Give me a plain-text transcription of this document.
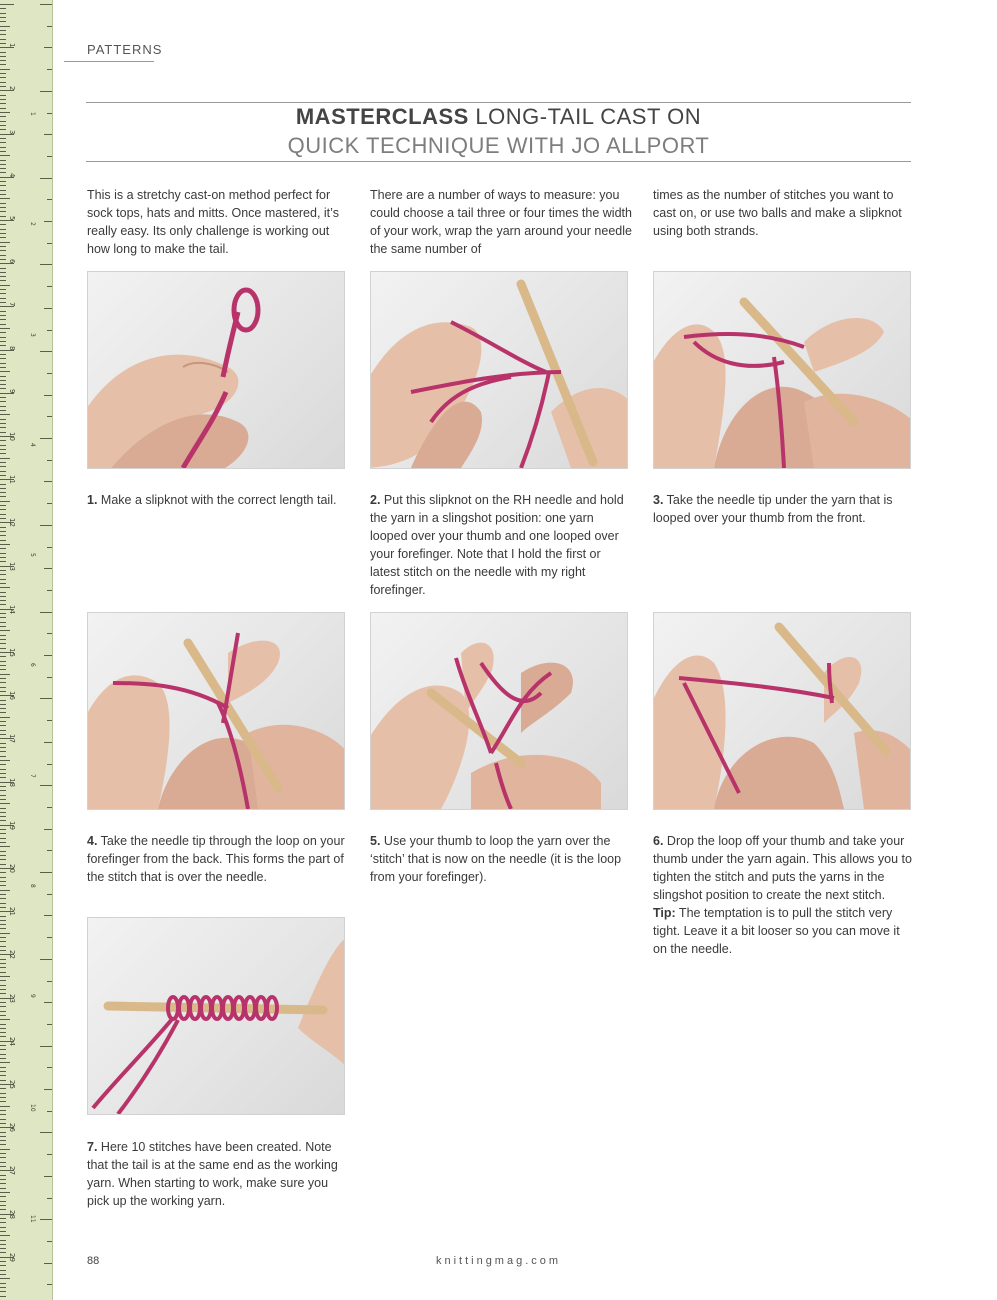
1
2
3
4
5
6
7
8
9
10
11
12
13
14
15
16
17
18
19
20
21
22
23
24
25
26
27
28
29
1
2
3
4
5
6
7
8
9
10
11
PATTERNS
MASTERCLASS LONG-TAIL CAST ON
QUICK TECHNIQUE WITH JO ALLPORT
This is a stretchy cast-on method perfect for sock tops, hats and mitts. Once mastered, it’s really easy. Its only challenge is working out how long to make the tail.
There are a number of ways to measure: you could choose a tail three or four times the width of your work, wrap the yarn around your needle the same number of
times as the number of stitches you want to cast on, or use two balls and make a slipknot using both strands.
1. Make a slipknot with the correct length tail.	2. Put this slipknot on the RH needle and hold the yarn in a slingshot position: one yarn looped over your thumb and one looped over your forefinger. Note that I hold the first or latest stitch on the needle with my right forefinger.
3. Take the needle tip under the yarn that is looped over your thumb from the front.
4. Take the needle tip through the loop on your forefinger from the back. This forms the part of the stitch that is over the needle.
5. Use your thumb to loop the yarn over the ‘stitch’ that is now on the needle (it is the loop from your forefinger).
6. Drop the loop off your thumb and take your thumb under the yarn again. This allows you to tighten the stitch and puts the yarns in the slingshot position to create the next stitch.
Tip: The temptation is to pull the stitch very tight. Leave it a bit looser so you can move it on the needle.
7. Here 10 stitches have been created. Note that the tail is at the same end as the working yarn. When starting to work, make sure you pick up the working yarn.
88	knittingmag.com
